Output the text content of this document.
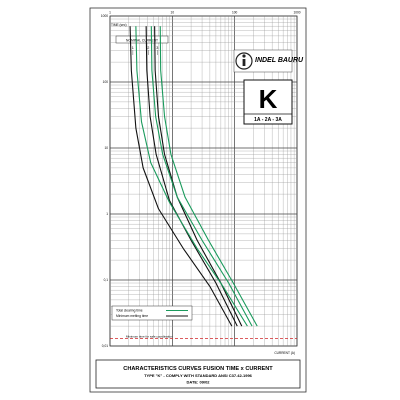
1	10	100	1000
1000
100
10
1
0,1
0,01
TIME (sec)
CURRENT (A)
NOMINAL CURRENT
1	2 3
Minimum time for safe coordination
Total clearing time
Minimum melting time
INDEL BAURU
K
1A - 2A - 3A
CHARACTERISTICS CURVES FUSION TIME x CURRENT
TYPE "K" - COMPLY WITH STANDARD ANSI C37.42-1996
DATE: 09/02
